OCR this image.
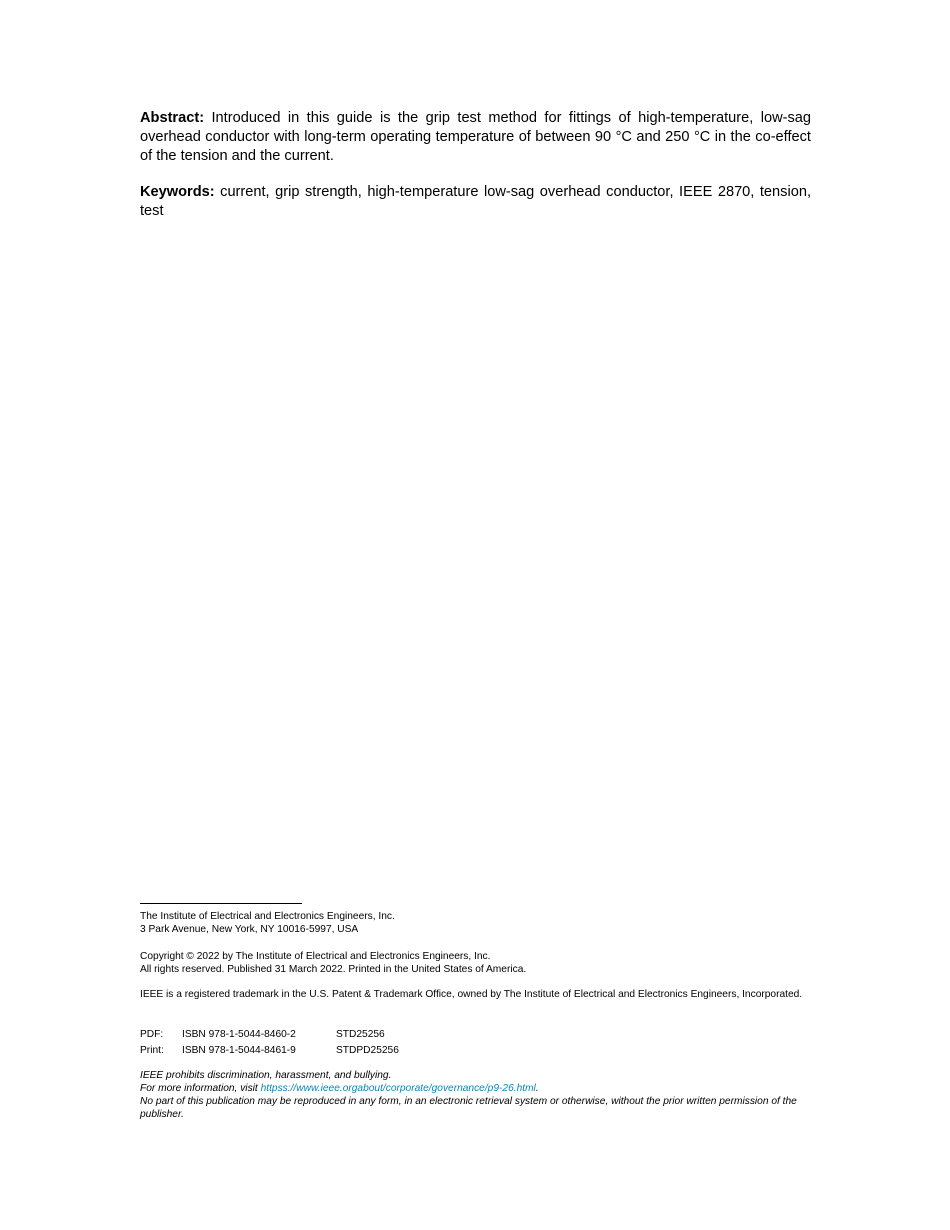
Abstract: Introduced in this guide is the grip test method for fittings of high-temperature, low-sag overhead conductor with long-term operating temperature of between 90 °C and 250 °C in the co-effect of the tension and the current.
Keywords: current, grip strength, high-temperature low-sag overhead conductor, IEEE 2870, tension, test
The Institute of Electrical and Electronics Engineers, Inc.
3 Park Avenue, New York, NY 10016-5997, USA
Copyright © 2022 by The Institute of Electrical and Electronics Engineers, Inc.
All rights reserved. Published 31 March 2022. Printed in the United States of America.
IEEE is a registered trademark in the U.S. Patent & Trademark Office, owned by The Institute of Electrical and Electronics Engineers, Incorporated.
PDF:	ISBN 978-1-5044-8460-2	STD25256
Print:	ISBN 978-1-5044-8461-9	STDPD25256
IEEE prohibits discrimination, harassment, and bullying.
For more information, visit httpss://www.ieee.orgabout/corporate/governance/p9-26.html.
No part of this publication may be reproduced in any form, in an electronic retrieval system or otherwise, without the prior written permission of the publisher.
